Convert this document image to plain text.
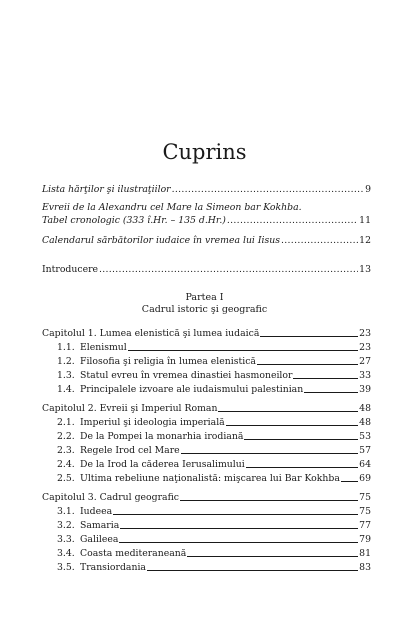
Cuprins
Lista hărţilor şi ilustraţiilor .....	9
Evreii de la Alexandru cel Mare la Simeon bar Kokhba.
Tabel cronologic (333 î.Hr. – 135 d.Hr.) .....	11
Calendarul sărbătorilor iudaice în vremea lui Iisus .....	12
Introducere .....	13
Partea I
Cadrul istoric şi geografic
Capitolul 1. Lumea elenistică şi lumea iudaică	23
1.1. Elenismul	23
1.2. Filosofia şi religia în lumea elenistică	27
1.3. Statul evreu în vremea dinastiei hasmoneilor	33
1.4. Principalele izvoare ale iudaismului palestinian	39
Capitolul 2. Evreii şi Imperiul Roman	48
2.1. Imperiul şi ideologia imperială	48
2.2. De la Pompei la monarhia irodiană	53
2.3. Regele Irod cel Mare	57
2.4. De la Irod la căderea Ierusalimului	64
2.5. Ultima rebeliune naţionalistă: mişcarea lui Bar Kokhba 69
Capitolul 3. Cadrul geografic	75
3.1. Iudeea	75
3.2. Samaria	77
3.3. Galileea	79
3.4. Coasta mediteraneană	81
3.5. Transiordania	83
